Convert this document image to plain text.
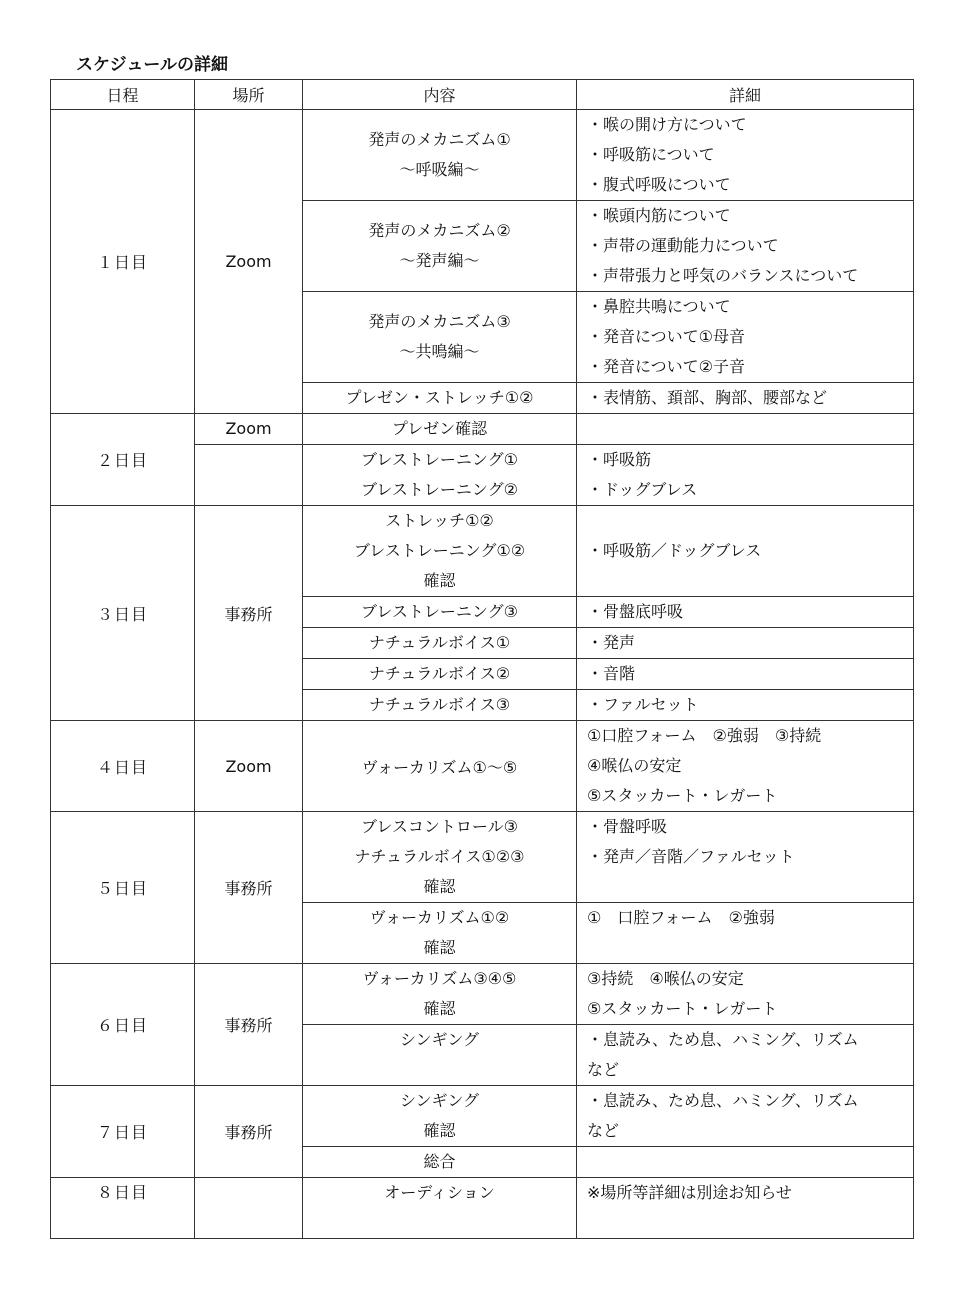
スケジュールの詳細
日程	場所	内容	詳細
１日目	Zoom	発声のメカニズム①
～呼吸編～	・喉の開け方について
・呼吸筋について
・腹式呼吸について

		発声のメカニズム②
～発声編～	・喉頭内筋について
・声帯の運動能力について
・声帯張力と呼気のバランスについて

		発声のメカニズム③
～共鳴編～	・鼻腔共鳴について
・発音について①母音
・発音について②子音

		プレゼン・ストレッチ①②	・表情筋、頚部、胸部、腰部など

２日目	Zoom	プレゼン確認	

		ブレストレーニング①
ブレストレーニング②	・呼吸筋
・ドッグブレス

３日目	事務所	ストレッチ①②
ブレストレーニング①②
確認	・呼吸筋／ドッグブレス

		ブレストレーニング③	・骨盤底呼吸

		ナチュラルボイス①	・発声

		ナチュラルボイス②	・音階

		ナチュラルボイス③	・ファルセット

４日目	Zoom	ヴォーカリズム①～⑤	①口腔フォーム　②強弱　③持続
④喉仏の安定
⑤スタッカート・レガート

５日目	事務所	ブレスコントロール③
ナチュラルボイス①②③
確認	・骨盤呼吸
・発声／音階／ファルセット

		ヴォーカリズム①②
確認	①　口腔フォーム　②強弱

６日目	事務所	ヴォーカリズム③④⑤
確認	③持続　④喉仏の安定
⑤スタッカート・レガート

		シンギング	・息読み、ため息、ハミング、リズム
など

７日目	事務所	シンギング
確認	・息読み、ため息、ハミング、リズム
など

		総合	

８日目		オーディション	※場所等詳細は別途お知らせ
